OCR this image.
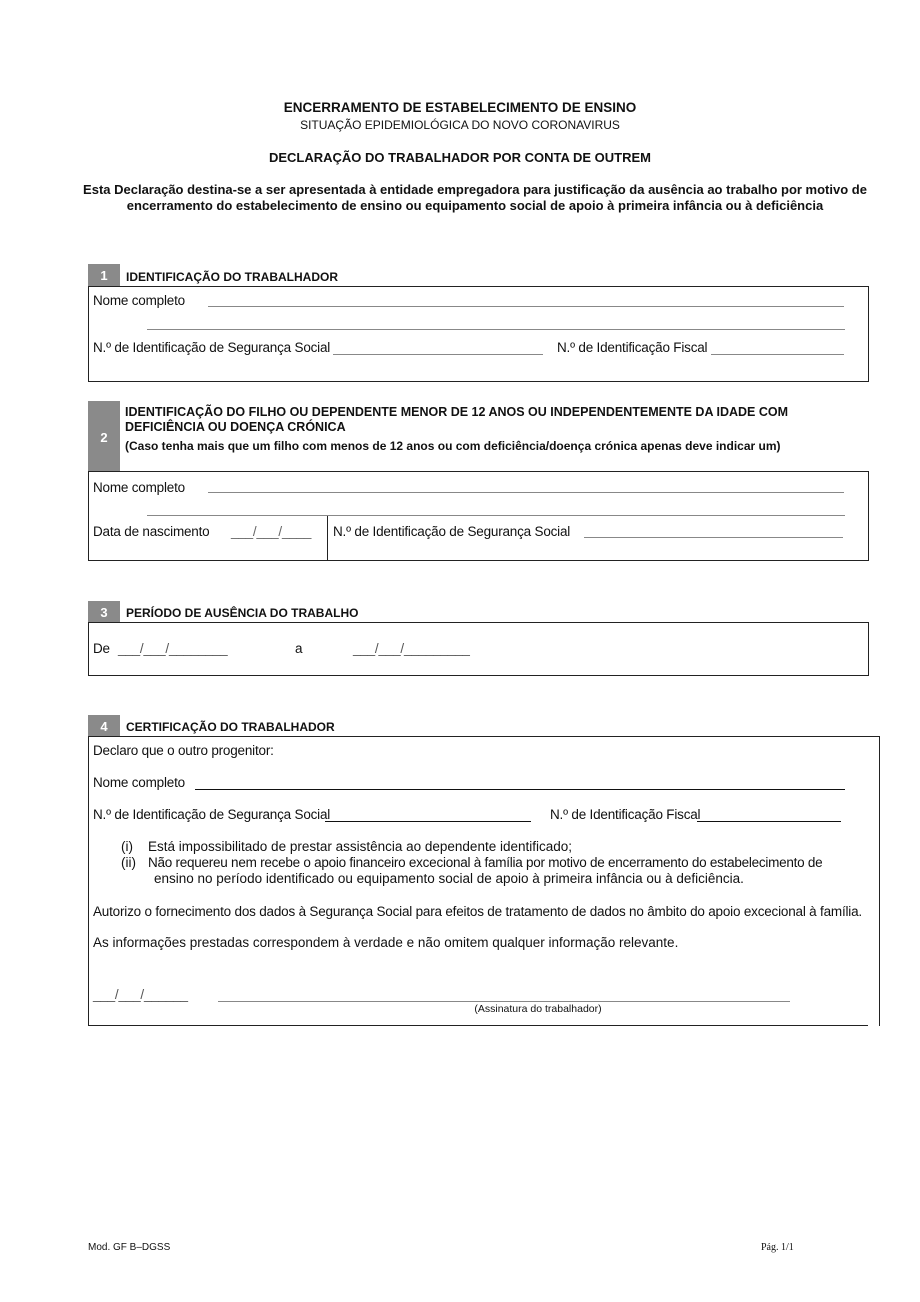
ENCERRAMENTO DE ESTABELECIMENTO DE ENSINO
SITUAÇÃO EPIDEMIOLÓGICA DO NOVO CORONAVIRUS
DECLARAÇÃO DO TRABALHADOR POR CONTA DE OUTREM
Esta Declaração destina-se a ser apresentada à entidade empregadora para justificação da ausência ao trabalho por motivo de encerramento do estabelecimento de ensino ou equipamento social de apoio à primeira infância ou à deficiência
1	IDENTIFICAÇÃO DO TRABALHADOR
Nome completo
N.º de Identificação de Segurança Social	N.º de Identificação Fiscal
2
IDENTIFICAÇÃO DO FILHO OU DEPENDENTE MENOR DE 12 ANOS OU INDEPENDENTEMENTE DA IDADE COM DEFICIÊNCIA OU DOENÇA CRÓNICA
(Caso tenha mais que um filho com menos de 12 anos ou com deficiência/doença crónica apenas deve indicar um)
Nome completo
Data de nascimento ___/___/____ N.º de Identificação de Segurança Social
3	PERÍODO DE AUSÊNCIA DO TRABALHO
De ___/___/________	a	___/___/_________
4	CERTIFICAÇÃO DO TRABALHADOR
Declaro que o outro progenitor:
Nome completo
N.º de Identificação de Segurança Social	N.º de Identificação Fiscal
(i) Está impossibilitado de prestar assistência ao dependente identificado;
(ii) Não requereu nem recebe o apoio financeiro excecional à família por motivo de encerramento do estabelecimento de
ensino no período identificado ou equipamento social de apoio à primeira infância ou à deficiência.
Autorizo o fornecimento dos dados à Segurança Social para efeitos de tratamento de dados no âmbito do apoio excecional à família.
As informações prestadas correspondem à verdade e não omitem qualquer informação relevante.
___/___/______
(Assinatura do trabalhador)
Mod. GF B–DGSS	Pág. 1/1
